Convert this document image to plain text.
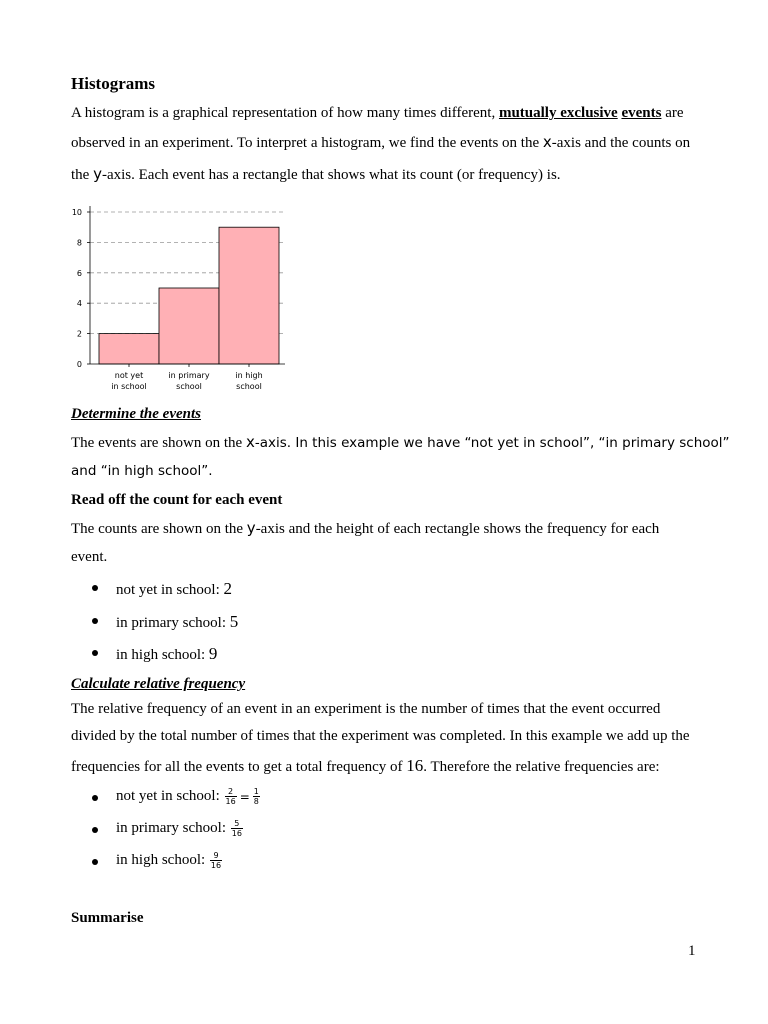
Histograms
A histogram is a graphical representation of how many times different, mutually exclusive events are
observed in an experiment. To interpret a histogram, we find the events on the x-axis and the counts on
the y-axis. Each event has a rectangle that shows what its count (or frequency) is.
0
2
4
6
8
10
not yet
in school
in primary
school
in high
school
Determine the events
The events are shown on the x-axis. In this example we have “not yet in school”, “in primary school”
and “in high school”.
Read off the count for each event
The counts are shown on the y-axis and the height of each rectangle shows the frequency for each
event.
not yet in school: 2
in primary school: 5
in high school: 9
Calculate relative frequency
The relative frequency of an event in an experiment is the number of times that the event occurred
divided by the total number of times that the experiment was completed. In this example we add up the
frequencies for all the events to get a total frequency of 16. Therefore the relative frequencies are:
not yet in school: $\frac{2}{16} = \frac{1}{8}$
in primary school: $\frac{5}{16}$
in high school: $\frac{9}{16}$
Summarise
1
